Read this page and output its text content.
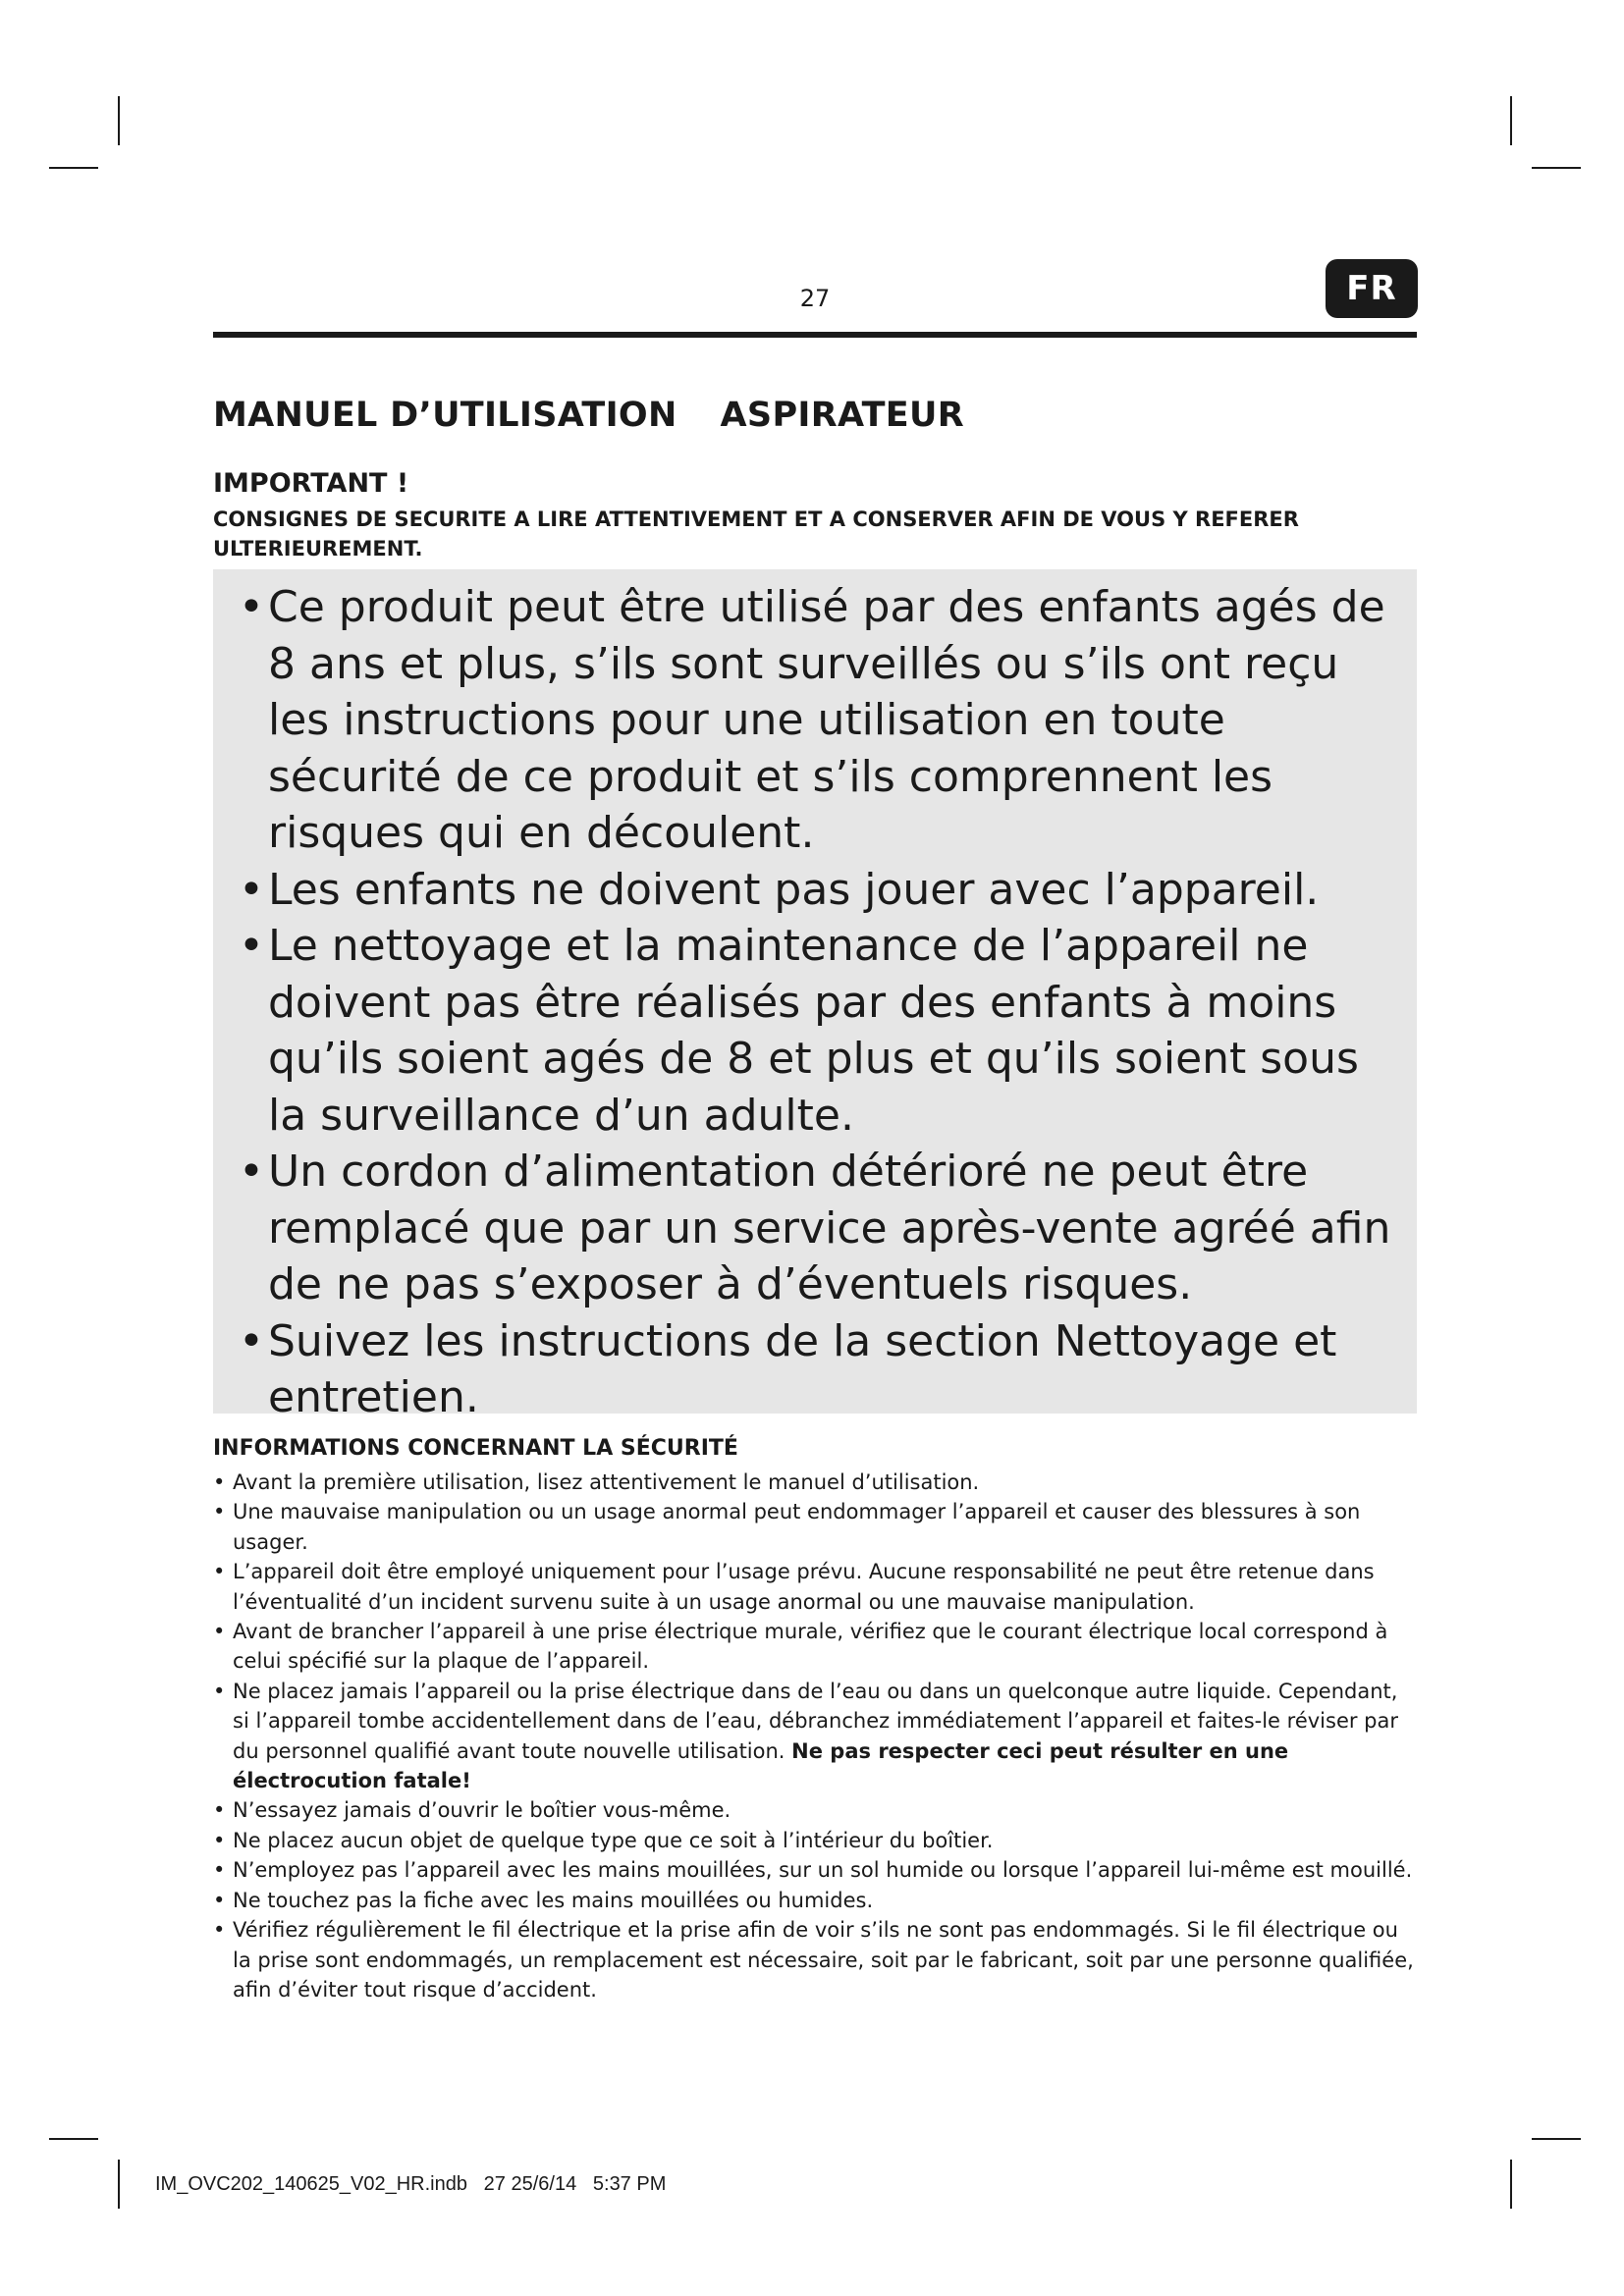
27	FR
MANUEL D’UTILISATION ASPIRATEUR
IMPORTANT !
CONSIGNES DE SECURITE A LIRE ATTENTIVEMENT ET A CONSERVER AFIN DE VOUS Y REFERER ULTERIEUREMENT.
• Ce produit peut être utilisé par des enfants agés de 8 ans et plus, s’ils sont surveillés ou s’ils ont reçu les instructions pour une utilisation en toute sécurité de ce produit et s’ils comprennent les risques qui en découlent.
• Les enfants ne doivent pas jouer avec l’appareil.
• Le nettoyage et la maintenance de l’appareil ne doivent pas être réalisés par des enfants à moins qu’ils soient agés de 8 et plus et qu’ils soient sous la surveillance d’un adulte.
• Un cordon d’alimentation détérioré ne peut être remplacé que par un service après-vente agréé afin de ne pas s’exposer à d’éventuels risques.
• Suivez les instructions de la section Nettoyage et entretien.
INFORMATIONS CONCERNANT LA SÉCURITÉ
• Avant la première utilisation, lisez attentivement le manuel d’utilisation.
• Une mauvaise manipulation ou un usage anormal peut endommager l’appareil et causer des blessures à son usager.
• L’appareil doit être employé uniquement pour l’usage prévu. Aucune responsabilité ne peut être retenue dans l’éventualité d’un incident survenu suite à un usage anormal ou une mauvaise manipulation.
• Avant de brancher l’appareil à une prise électrique murale, vérifiez que le courant électrique local correspond à celui spécifié sur la plaque de l’appareil.
• Ne placez jamais l’appareil ou la prise électrique dans de l’eau ou dans un quelconque autre liquide. Cependant, si l’appareil tombe accidentellement dans de l’eau, débranchez immédiatement l’appareil et faites-le réviser par du personnel qualifié avant toute nouvelle utilisation. Ne pas respecter ceci peut résulter en une électrocution fatale!
• N’essayez jamais d’ouvrir le boîtier vous-même.
• Ne placez aucun objet de quelque type que ce soit à l’intérieur du boîtier.
• N’employez pas l’appareil avec les mains mouillées, sur un sol humide ou lorsque l’appareil lui-même est mouillé.
• Ne touchez pas la fiche avec les mains mouillées ou humides.
• Vérifiez régulièrement le fil électrique et la prise afin de voir s’ils ne sont pas endommagés. Si le fil électrique ou la prise sont endommagés, un remplacement est nécessaire, soit par le fabricant, soit par une personne qualifiée, afin d’éviter tout risque d’accident.
IM_OVC202_140625_V02_HR.indb   27 25/6/14   5:37 PM
